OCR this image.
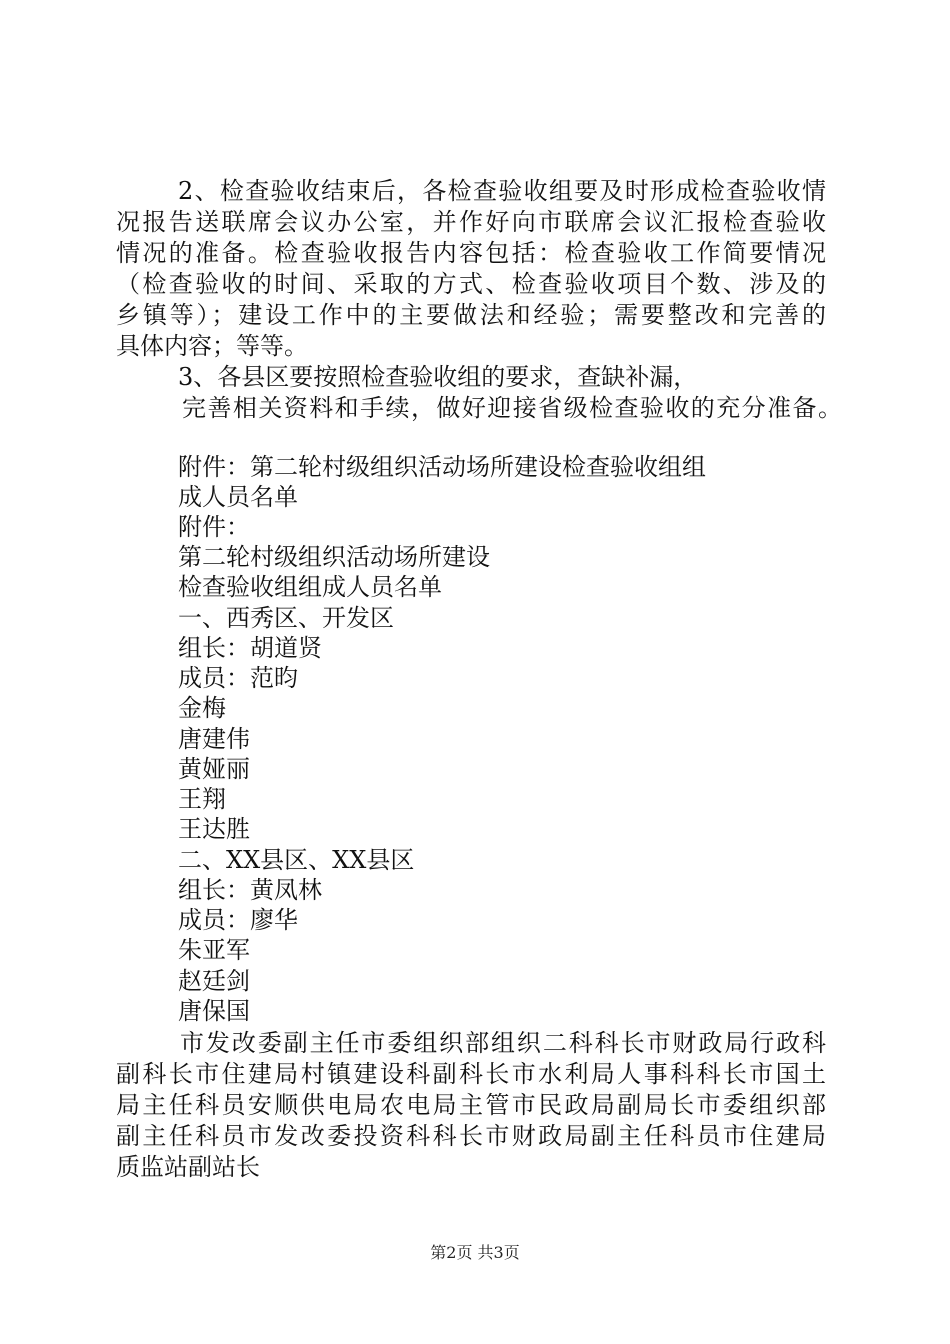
2、检查验收结束后，各检查验收组要及时形成检查验收情
况报告送联席会议办公室，并作好向市联席会议汇报检查验收
情况的准备。检查验收报告内容包括：检查验收工作简要情况
（检查验收的时间、采取的方式、检查验收项目个数、涉及的
乡镇等）；建设工作中的主要做法和经验；需要整改和完善的
具体内容；等等。
3、各县区要按照检查验收组的要求，查缺补漏，
完善相关资料和手续，做好迎接省级检查验收的充分准备。
附件：第二轮村级组织活动场所建设检查验收组组
成人员名单
附件：
第二轮村级组织活动场所建设
检查验收组组成人员名单
一、西秀区、开发区
组长：胡道贤
成员：范昀
金梅
唐建伟
黄娅丽
王翔
王达胜
二、XX县区、XX县区
组长：黄凤林
成员：廖华
朱亚军
赵廷剑
唐保国
市发改委副主任市委组织部组织二科科长市财政局行政科
副科长市住建局村镇建设科副科长市水利局人事科科长市国土
局主任科员安顺供电局农电局主管市民政局副局长市委组织部
副主任科员市发改委投资科科长市财政局副主任科员市住建局
质监站副站长
第2页 共3页
